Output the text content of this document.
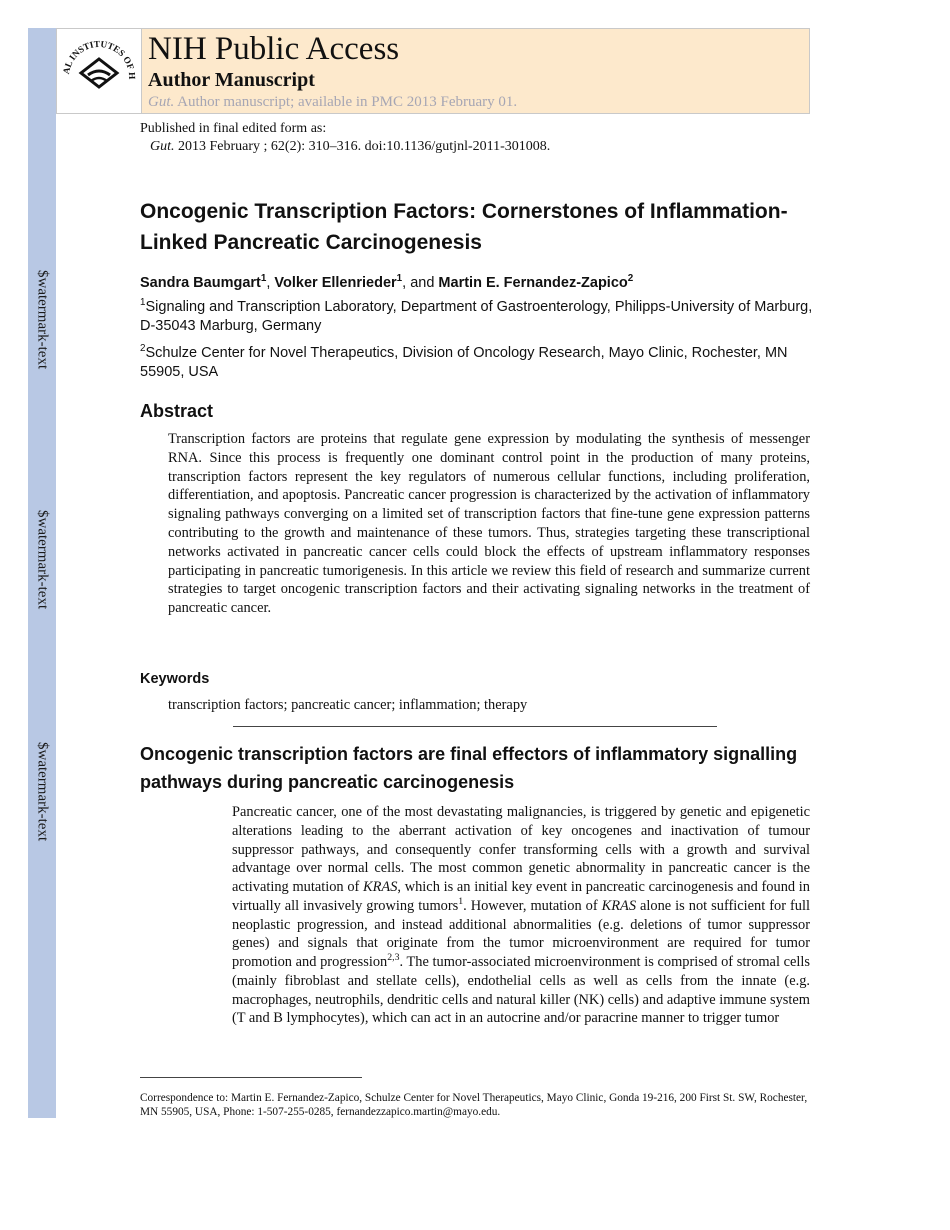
$watermark-text
$watermark-text
$watermark-text
AL INSTITUTES OF H
NIH Public Access
Author Manuscript
Gut. Author manuscript; available in PMC 2013 February 01.
Published in final edited form as:
Gut. 2013 February ; 62(2): 310–316. doi:10.1136/gutjnl-2011-301008.
Oncogenic Transcription Factors: Cornerstones of Inflammation-Linked Pancreatic Carcinogenesis
Sandra Baumgart$^1$, Volker Ellenrieder$^1$, and Martin E. Fernandez-Zapico$^2$
$^1$Signaling and Transcription Laboratory, Department of Gastroenterology, Philipps-University of Marburg, D-35043 Marburg, Germany
$^2$Schulze Center for Novel Therapeutics, Division of Oncology Research, Mayo Clinic, Rochester, MN 55905, USA
Abstract

Transcription factors are proteins that regulate gene expression by modulating the synthesis of messenger RNA. Since this process is frequently one dominant control point in the production of many proteins, transcription factors represent the key regulators of numerous cellular functions, including proliferation, differentiation, and apoptosis. Pancreatic cancer progression is characterized by the activation of inflammatory signaling pathways converging on a limited set of transcription factors that fine-tune gene expression patterns contributing to the growth and maintenance of these tumors. Thus, strategies targeting these transcriptional networks activated in pancreatic cancer cells could block the effects of upstream inflammatory responses participating in pancreatic tumorigenesis. In this article we review this field of research and summarize current strategies to target oncogenic transcription factors and their activating signaling networks in the treatment of pancreatic cancer.

Keywords
transcription factors; pancreatic cancer; inflammation; therapy
Oncogenic transcription factors are final effectors of inflammatory signalling pathways during pancreatic carcinogenesis

Pancreatic cancer, one of the most devastating malignancies, is triggered by genetic and epigenetic alterations leading to the aberrant activation of key oncogenes and inactivation of tumour suppressor pathways, and consequently confer transforming cells with a growth and survival advantage over normal cells. The most common genetic abnormality in pancreatic cancer is the activating mutation of KRAS, which is an initial key event in pancreatic carcinogenesis and found in virtually all invasively growing tumors$^1$. However, mutation of KRAS alone is not sufficient for full neoplastic progression, and instead additional abnormalities (e.g. deletions of tumor suppressor genes) and signals that originate from the tumor microenvironment are required for tumor promotion and progression$^{2,3}$. The tumor-associated microenvironment is comprised of stromal cells (mainly fibroblast and stellate cells), endothelial cells as well as cells from the innate (e.g. macrophages, neutrophils, dendritic cells and natural killer (NK) cells) and adaptive immune system (T and B lymphocytes), which can act in an autocrine and/or paracrine manner to trigger tumor

Correspondence to: Martin E. Fernandez-Zapico, Schulze Center for Novel Therapeutics, Mayo Clinic, Gonda 19-216, 200 First St. SW, Rochester, MN 55905, USA, Phone: 1-507-255-0285, fernandezzapico.martin@mayo.edu.
